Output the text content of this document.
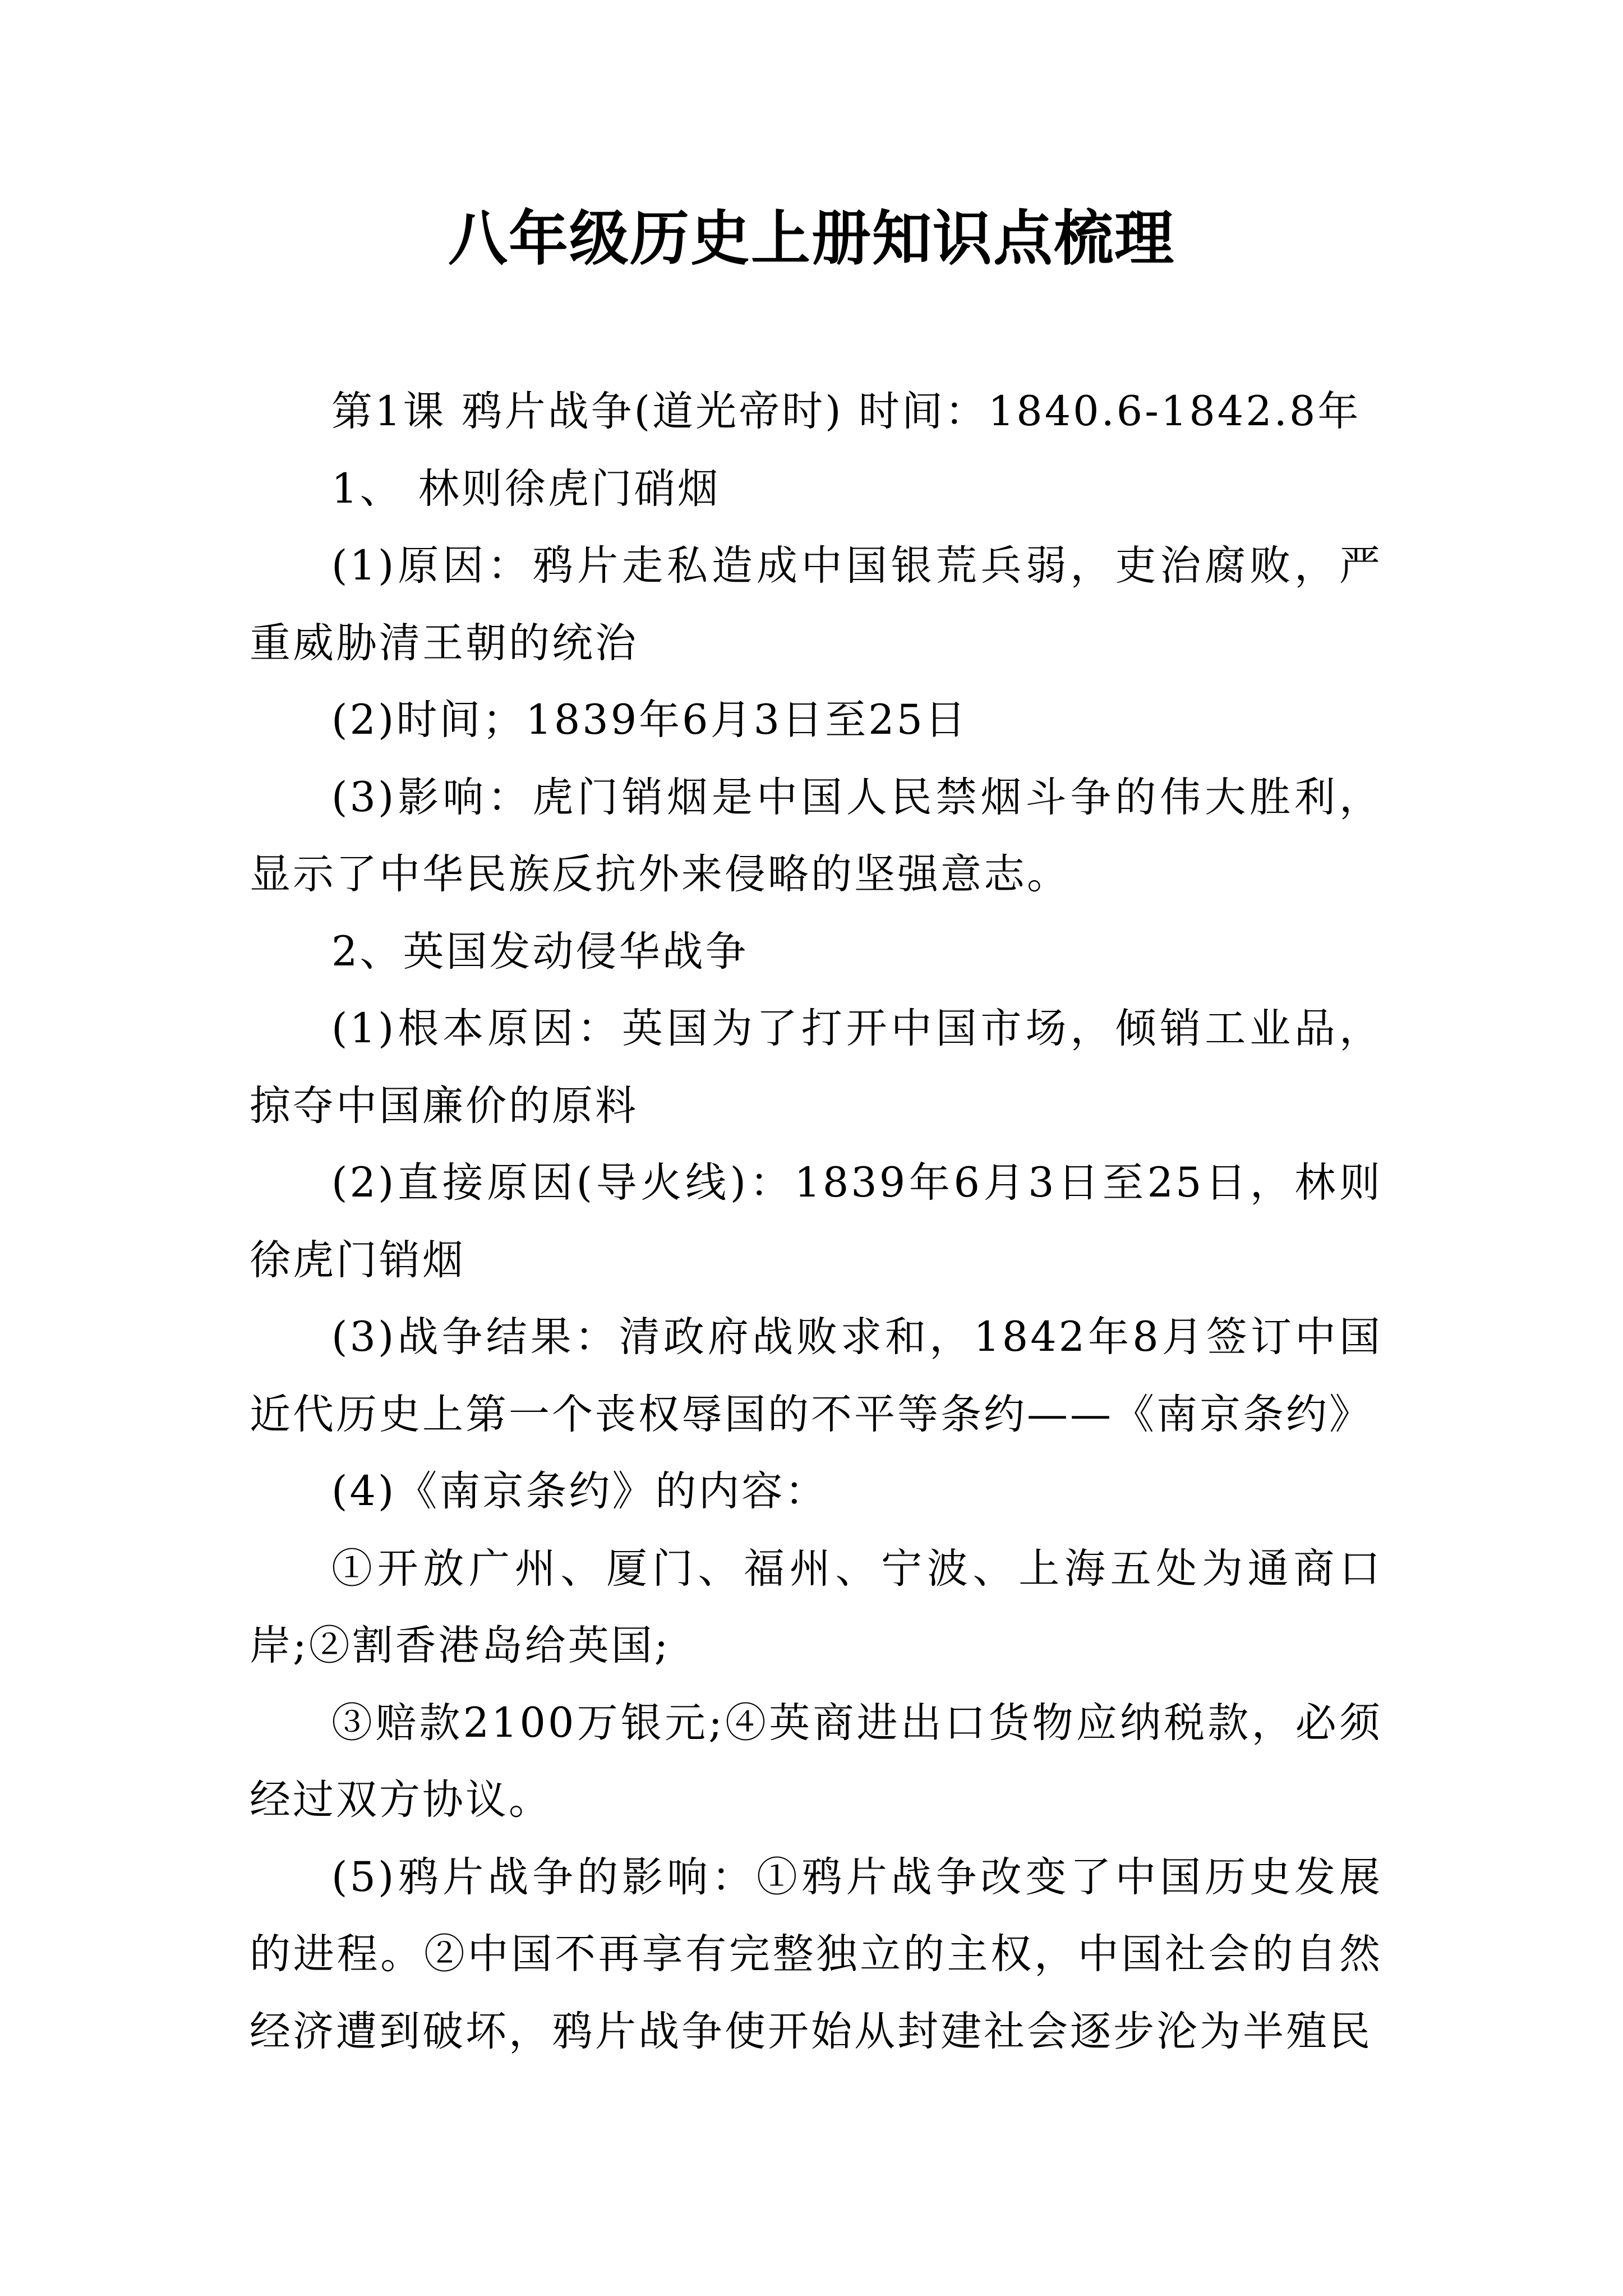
八年级历史上册知识点梳理

第1课 鸦片战争(道光帝时) 时间：1840.6-1842.8年

1、 林则徐虎门硝烟

(1)原因：鸦片走私造成中国银荒兵弱，吏治腐败，严重威胁清王朝的统治

(2)时间；1839年6月3日至25日

(3)影响：虎门销烟是中国人民禁烟斗争的伟大胜利，显示了中华民族反抗外来侵略的坚强意志。

2、英国发动侵华战争

(1)根本原因：英国为了打开中国市场，倾销工业品，掠夺中国廉价的原料

(2)直接原因(导火线)：1839年6月3日至25日，林则徐虎门销烟

(3)战争结果：清政府战败求和，1842年8月签订中国近代历史上第一个丧权辱国的不平等条约——《南京条约》

(4)《南京条约》的内容：

①开放广州、厦门、福州、宁波、上海五处为通商口岸;②割香港岛给英国;

③赔款2100万银元;④英商进出口货物应纳税款，必须经过双方协议。

(5)鸦片战争的影响：①鸦片战争改变了中国历史发展的进程。②中国不再享有完整独立的主权，中国社会的自然经济遭到破坏，鸦片战争使开始从封建社会逐步沦为半殖民
